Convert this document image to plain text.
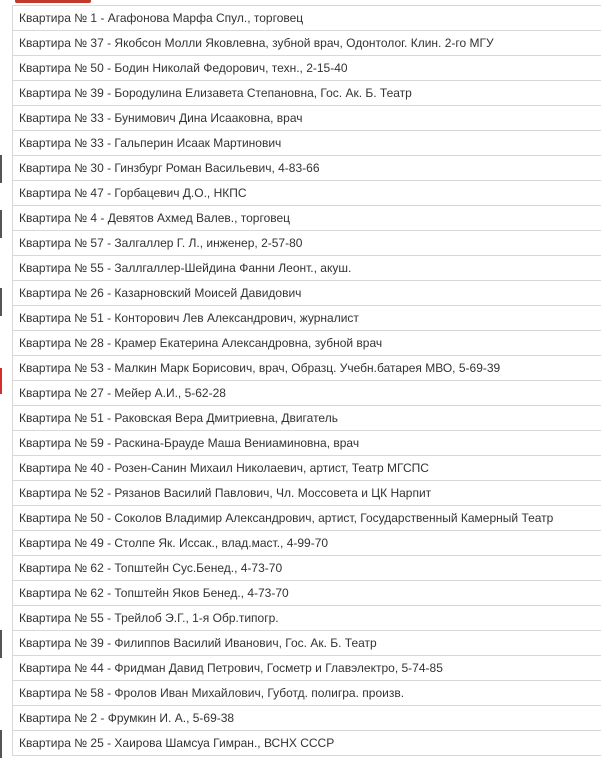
Квартира № 1 - Агафонова Марфа Спул., торговец
Квартира № 37 - Якобсон Молли Яковлевна, зубной врач, Одонтолог. Клин. 2-го МГУ
Квартира № 50 - Бодин Николай Федорович, техн., 2-15-40
Квартира № 39 - Бородулина Елизавета Степановна, Гос. Ак. Б. Театр
Квартира № 33 - Бунимович Дина Исааковна, врач
Квартира № 33 - Гальперин Исаак Мартинович
Квартира № 30 - Гинзбург Роман Васильевич, 4-83-66
Квартира № 47 - Горбацевич Д.О., НКПС
Квартира № 4 - Девятов Ахмед Валев., торговец
Квартира № 57 - Залгаллер Г. Л., инженер, 2-57-80
Квартира № 55 - Заллгаллер-Шейдина Фанни Леонт., акуш.
Квартира № 26 - Казарновский Моисей Давидович
Квартира № 51 - Конторович Лев Александрович, журналист
Квартира № 28 - Крамер Екатерина Александровна, зубной врач
Квартира № 53 - Малкин Марк Борисович, врач, Образц. Учебн.батарея МВО, 5-69-39
Квартира № 27 - Мейер А.И., 5-62-28
Квартира № 51 - Раковская Вера Дмитриевна, Двигатель
Квартира № 59 - Раскина-Брауде Маша Вениаминовна, врач
Квартира № 40 - Розен-Санин Михаил Николаевич, артист, Театр МГСПС
Квартира № 52 - Рязанов Василий Павлович, Чл. Моссовета и ЦК Нарпит
Квартира № 50 - Соколов Владимир Александрович, артист, Государственный Камерный Театр
Квартира № 49 - Столпе Як. Иссак., влад.маст., 4-99-70
Квартира № 62 - Топштейн Сус.Бенед., 4-73-70
Квартира № 62 - Топштейн Яков Бенед., 4-73-70
Квартира № 55 - Трейлоб Э.Г., 1-я Обр.типогр.
Квартира № 39 - Филиппов Василий Иванович, Гос. Ак. Б. Театр
Квартира № 44 - Фридман Давид Петрович, Госметр и Главэлектро, 5-74-85
Квартира № 58 - Фролов Иван Михайлович, Губотд. полигра. произв.
Квартира № 2 - Фрумкин И. А., 5-69-38
Квартира № 25 - Хаирова Шамсуа Гимран., ВСНХ СССР
